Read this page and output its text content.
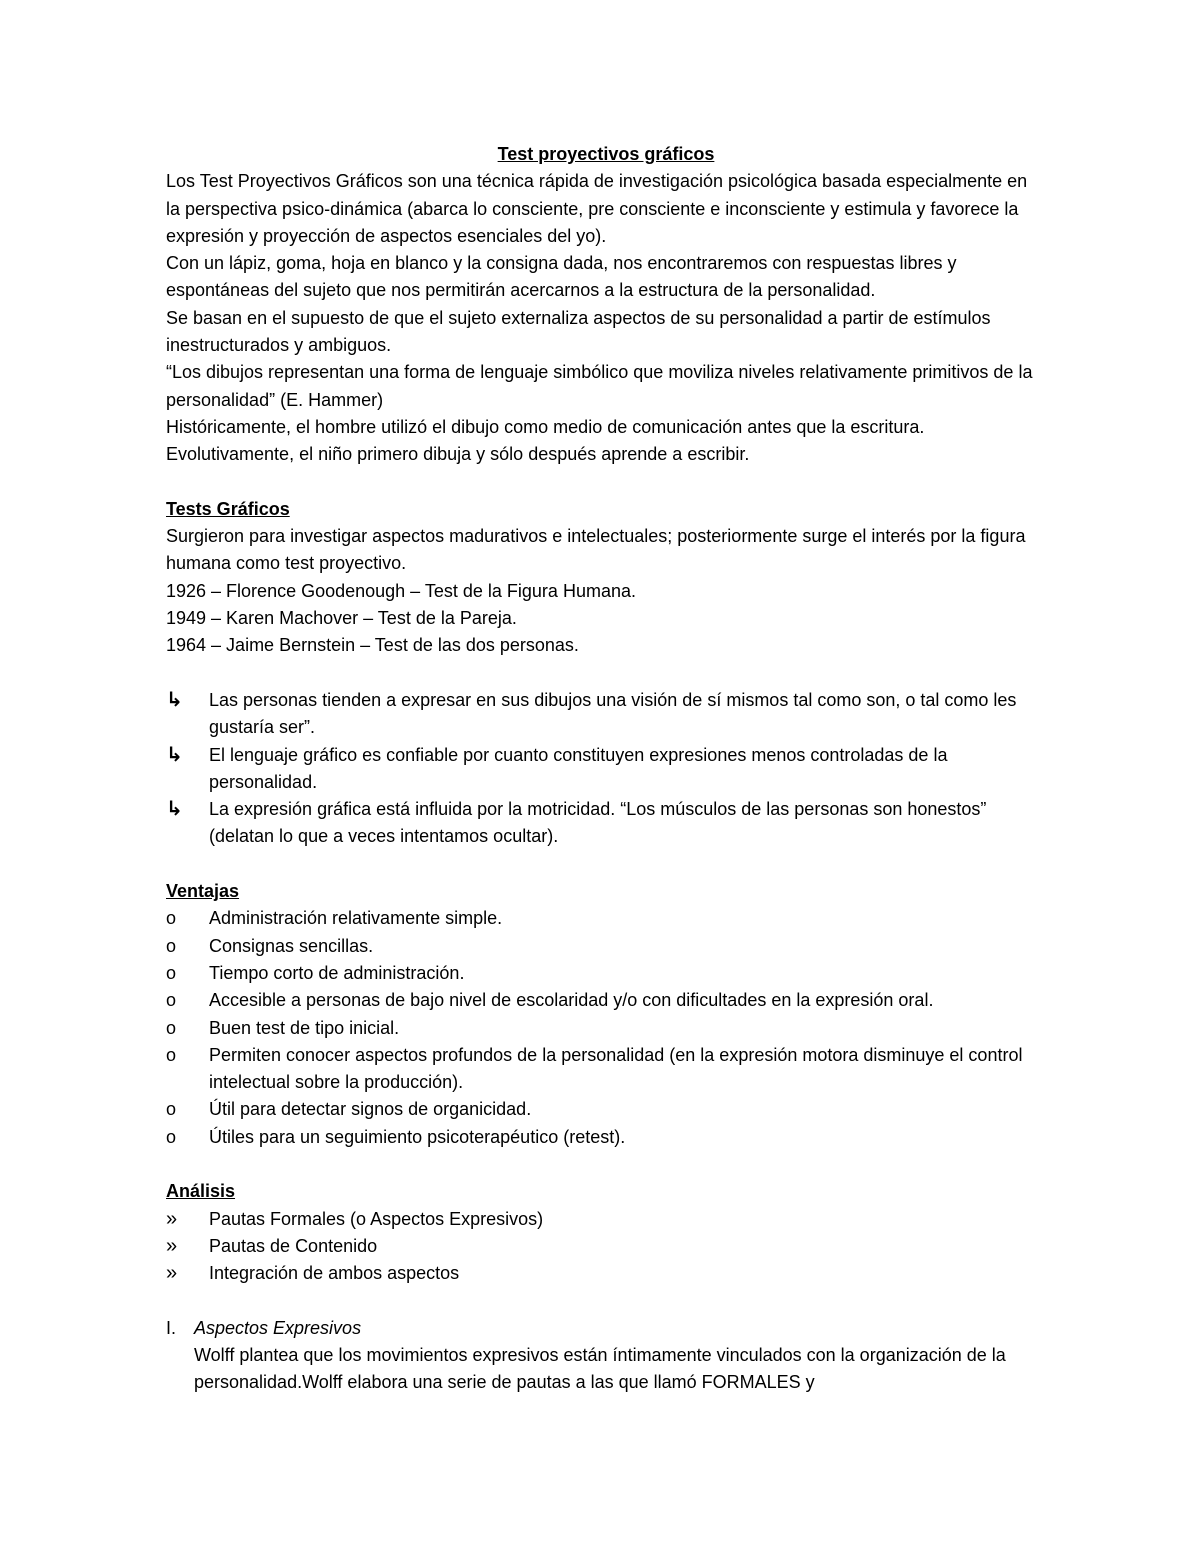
Test proyectivos gráficos

Los Test Proyectivos Gráficos son una técnica rápida de investigación psicológica basada especialmente en la perspectiva psico-dinámica (abarca lo consciente, pre consciente e inconsciente y estimula y favorece la expresión y proyección de aspectos esenciales del yo).

Con un lápiz, goma, hoja en blanco y la consigna dada, nos encontraremos con respuestas libres y espontáneas del sujeto que nos permitirán acercarnos a la estructura de la personalidad.

Se basan en el supuesto de que el sujeto externaliza aspectos de su personalidad a partir de estímulos inestructurados y ambiguos.

“Los dibujos representan una forma de lenguaje simbólico que moviliza niveles relativamente primitivos de la personalidad” (E. Hammer)

Históricamente, el hombre utilizó el dibujo como medio de comunicación antes que la escritura.

Evolutivamente, el niño primero dibuja y sólo después aprende a escribir.

Tests Gráficos

Surgieron para investigar aspectos madurativos e intelectuales; posteriormente surge el interés por la figura humana como test proyectivo.

1926 – Florence Goodenough – Test de la Figura Humana.

1949 – Karen Machover – Test de la Pareja.

1964 – Jaime Bernstein – Test de las dos personas.

↳	Las personas tienden a expresar en sus dibujos una visión de sí mismos tal como son, o tal como les gustaría ser”.
↳	El lenguaje gráfico es confiable por cuanto constituyen expresiones menos controladas de la personalidad.
↳	La expresión gráfica está influida por la motricidad. “Los músculos de las personas son honestos” (delatan lo que a veces intentamos ocultar).

Ventajas

o	Administración relativamente simple.
o	Consignas sencillas.
o	Tiempo corto de administración.
o	Accesible a personas de bajo nivel de escolaridad y/o con dificultades en la expresión oral.
o	Buen test de tipo inicial.
o	Permiten conocer aspectos profundos de la personalidad (en la expresión motora disminuye el control intelectual sobre la producción).
o	Útil para detectar signos de organicidad.
o	Útiles para un seguimiento psicoterapéutico (retest).

Análisis

»	Pautas Formales (o Aspectos Expresivos)
»	Pautas de Contenido
»	Integración de ambos aspectos
I. Aspectos Expresivos
Wolff plantea que los movimientos expresivos están íntimamente vinculados con la organización de la personalidad.Wolff elabora una serie de pautas a las que llamó FORMALES y
